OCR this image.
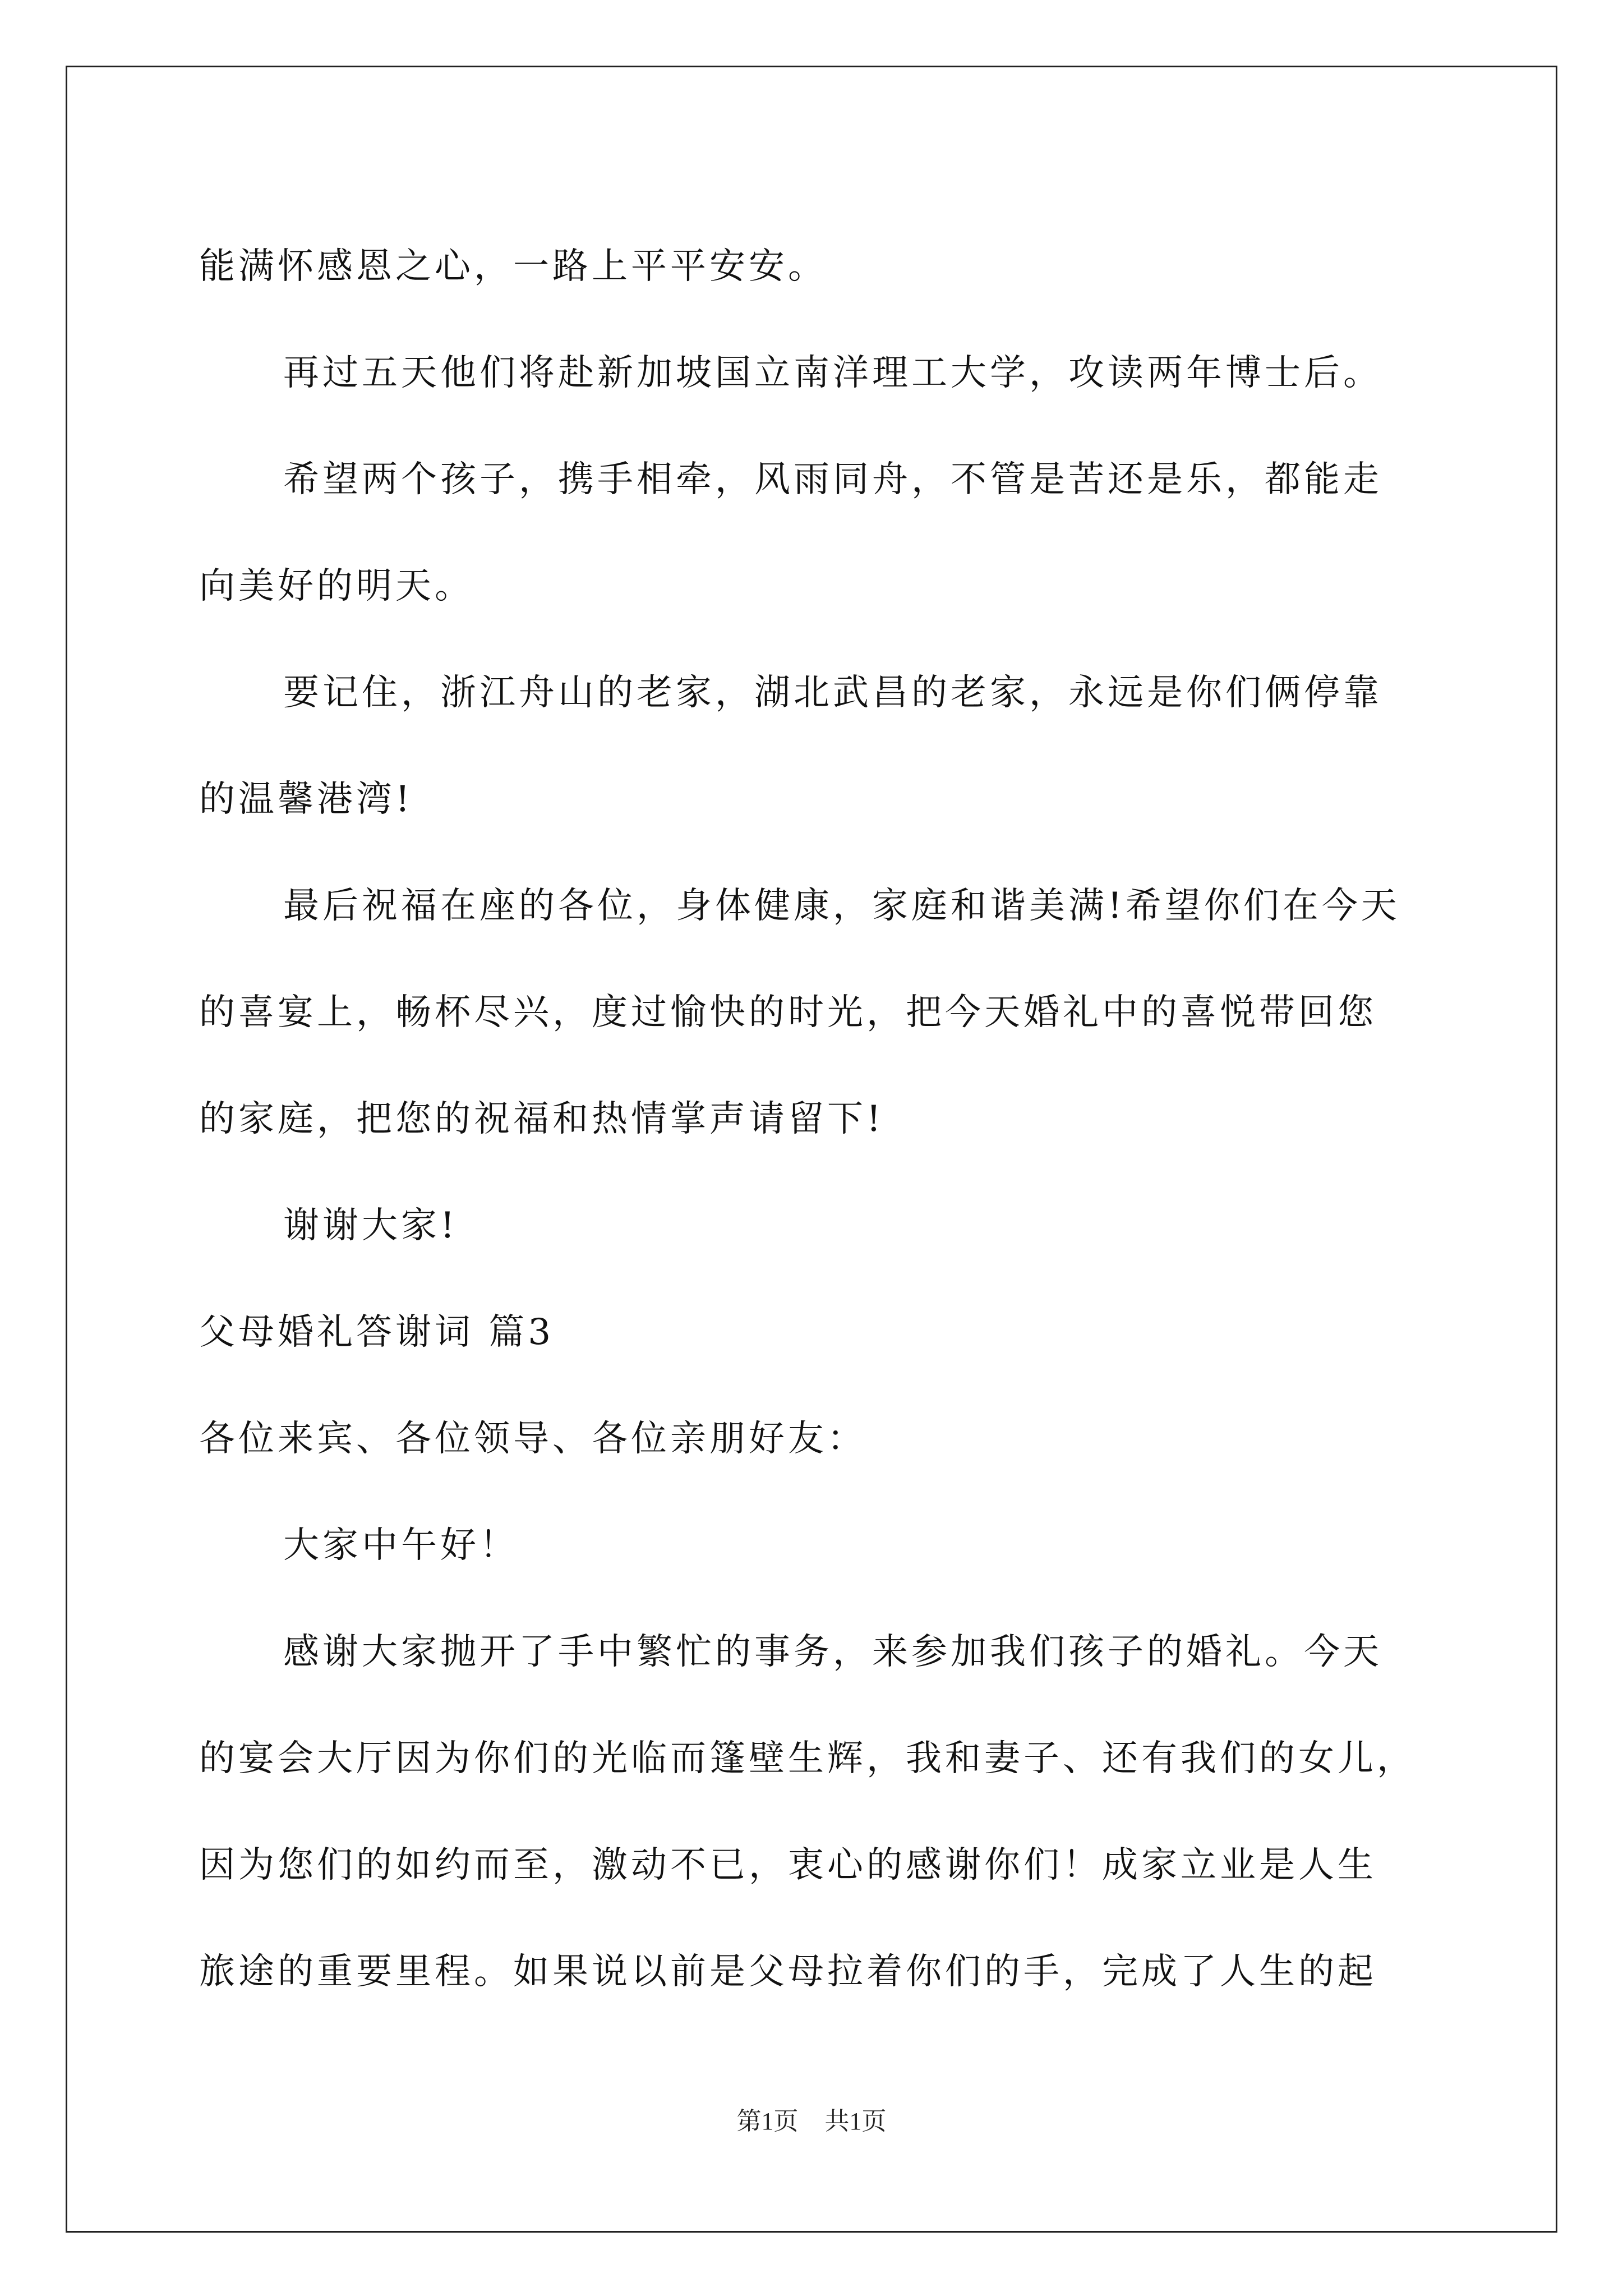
能满怀感恩之心，一路上平平安安。
再过五天他们将赴新加坡国立南洋理工大学，攻读两年博士后。
希望两个孩子，携手相牵，风雨同舟，不管是苦还是乐，都能走
向美好的明天。
要记住，浙江舟山的老家，湖北武昌的老家，永远是你们俩停靠
的温馨港湾!
最后祝福在座的各位，身体健康，家庭和谐美满!希望你们在今天
的喜宴上，畅杯尽兴，度过愉快的时光，把今天婚礼中的喜悦带回您
的家庭，把您的祝福和热情掌声请留下!
谢谢大家!
父母婚礼答谢词 篇3
各位来宾、各位领导、各位亲朋好友：
大家中午好！
感谢大家抛开了手中繁忙的事务，来参加我们孩子的婚礼。今天
的宴会大厅因为你们的光临而篷壁生辉，我和妻子、还有我们的女儿，
因为您们的如约而至，激动不已，衷心的感谢你们！成家立业是人生
旅途的重要里程。如果说以前是父母拉着你们的手，完成了人生的起
第1页 共1页
